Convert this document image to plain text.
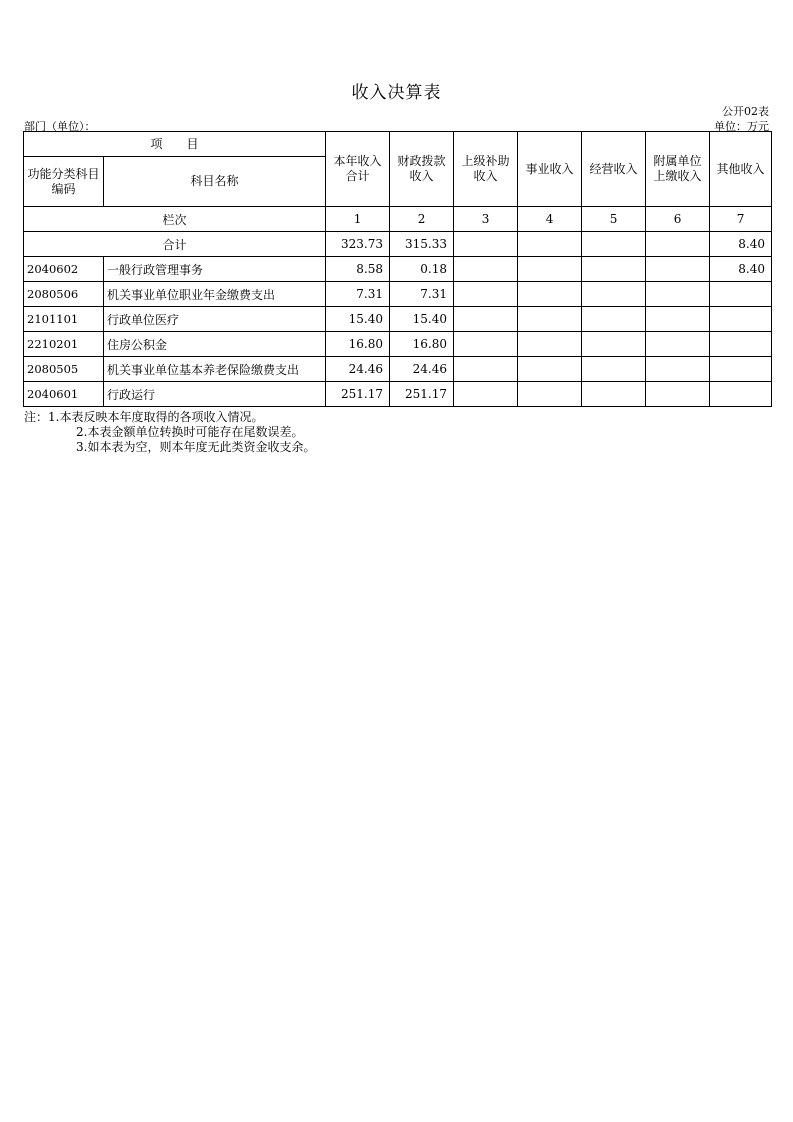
收入决算表
公开02表
部门（单位）：	单位：万元
项　　目		本年收入合计	财政拨款收入	上级补助收入	事业收入	经营收入	附属单位上缴收入	其他收入
功能分类科目编码	科目名称							
栏次		1	2	3	4	5	6	7
合计		323.73	315.33					8.40
2040602	一般行政管理事务	8.58	0.18					8.40
2080506	机关事业单位职业年金缴费支出	7.31	7.31					
2101101	行政单位医疗	15.40	15.40					
2210201	住房公积金	16.80	16.80					
2080505	机关事业单位基本养老保险缴费支出	24.46	24.46					
2040601	行政运行	251.17	251.17					
注：1.本表反映本年度取得的各项收入情况。
2.本表金额单位转换时可能存在尾数误差。
3.如本表为空，则本年度无此类资金收支余。
